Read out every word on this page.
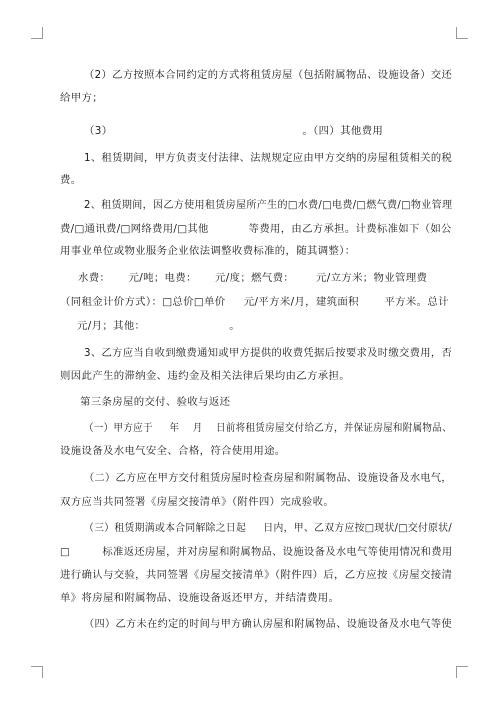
（2）乙方按照本合同约定的方式将租赁房屋（包括附属物品、设施设备）交还
给甲方；
（3）                                                    。（四）其他费用
1、租赁期间，甲方负责支付法律、法规规定应由甲方交纳的房屋租赁相关的税
费。
2、租赁期间，因乙方使用租赁房屋所产生的□水费/□电费/□燃气费/□物业管理
费/□通讯费/□网络费用/□其他           等费用，由乙方承担。计费标准如下（如公
用事业单位或物业服务企业依法调整收费标准的，随其调整）：
水费：     元/吨；电费：     元/度；燃气费：      元/立方米；物业管理费
（同租金计价方式）：□总价□单价     元/平方米/月，建筑面积       平方米。总计
元/月；其他：                       。
3、乙方应当自收到缴费通知或甲方提供的收费凭据后按要求及时缴交费用，否
则因此产生的滞纳金、违约金及相关法律后果均由乙方承担。
第三条房屋的交付、验收与返还
（一）甲方应于     年    月    日前将租赁房屋交付给乙方，并保证房屋和附属物品、
设施设备及水电气安全、合格，符合使用用途。
（二）乙方应在甲方交付租赁房屋时检查房屋和附属物品、设施设备及水电气，
双方应当共同签署《房屋交接清单》（附件四）完成验收。
（三）租赁期满或本合同解除之日起     日内，甲、乙双方应按□现状/□交付原状/
□         标准返还房屋，并对房屋和附属物品、设施设备及水电气等使用情况和费用
进行确认与交验，共同签署《房屋交接清单》（附件四）后，乙方应按《房屋交接清
单》将房屋和附属物品、设施设备返还甲方，并结清费用。
（四）乙方未在约定的时间与甲方确认房屋和附属物品、设施设备及水电气等使
